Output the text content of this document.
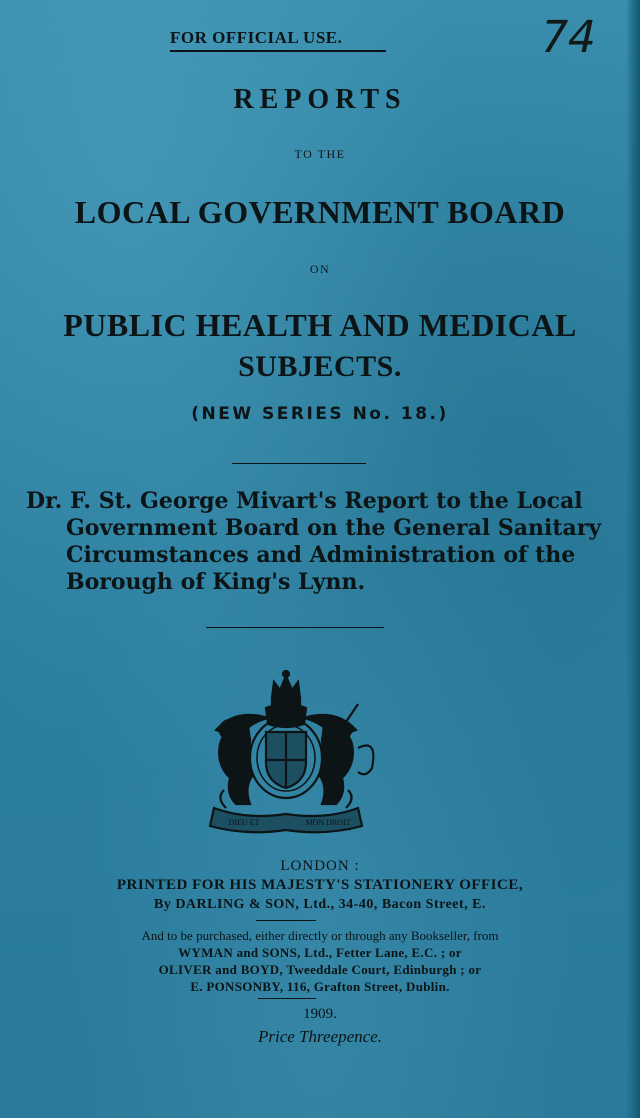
FOR OFFICIAL USE.	74
REPORTS
TO THE
LOCAL GOVERNMENT BOARD
ON
PUBLIC HEALTH AND MEDICAL
SUBJECTS.
(NEW SERIES No. 18.)
Dr. F. St. George Mivart's Report to the Local
Government Board on the General Sanitary
Circumstances and Administration of the
Borough of King's Lynn.
DIEU ET	MON DROIT
LONDON :
PRINTED FOR HIS MAJESTY'S STATIONERY OFFICE,
By DARLING & SON, Ltd., 34-40, Bacon Street, E.
And to be purchased, either directly or through any Bookseller, from
WYMAN and SONS, Ltd., Fetter Lane, E.C. ; or
OLIVER and BOYD, Tweeddale Court, Edinburgh ; or
E. PONSONBY, 116, Grafton Street, Dublin.
1909.
Price Threepence.
